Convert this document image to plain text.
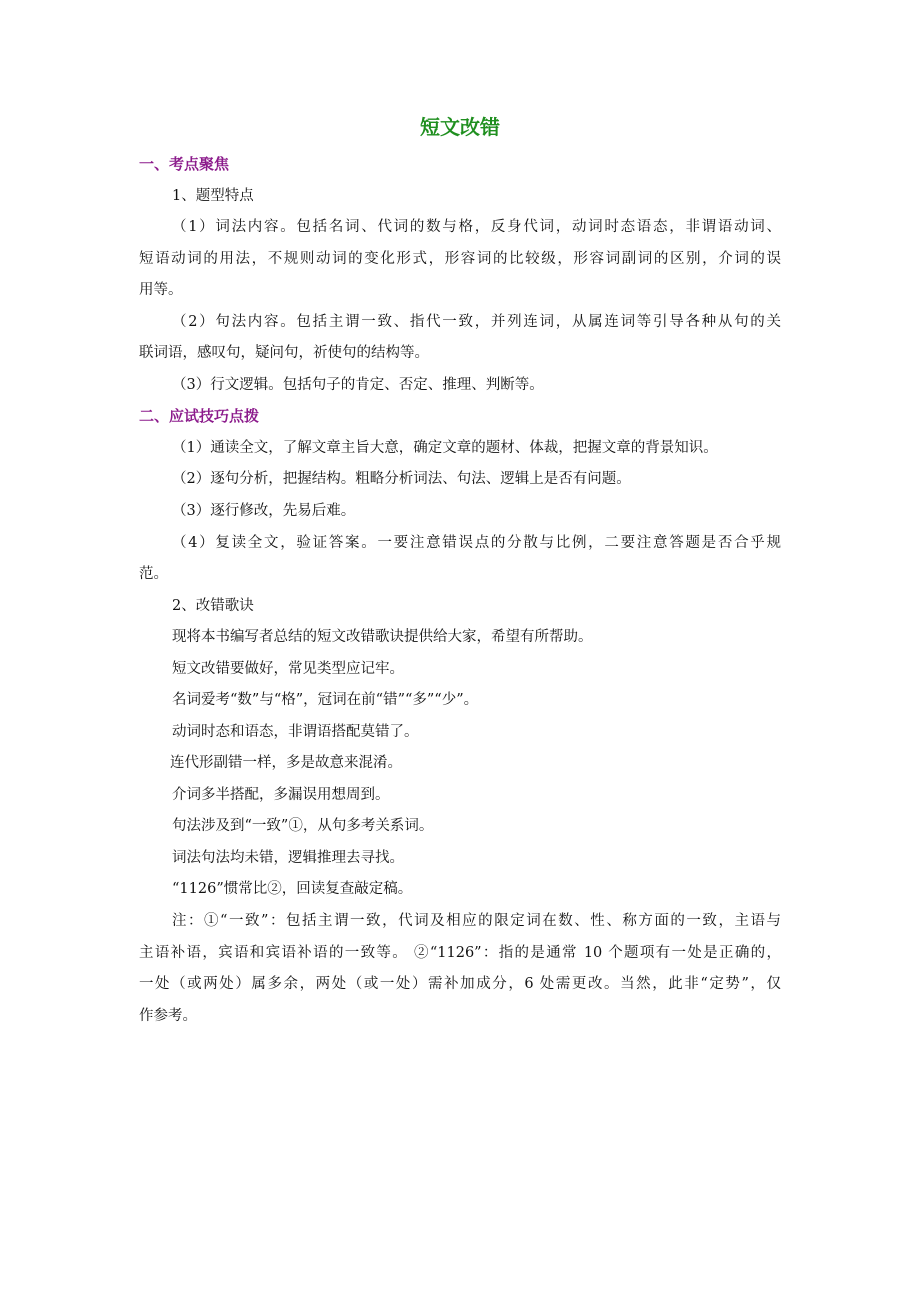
短文改错
一、考点聚焦
1、题型特点
（1）词法内容。包括名词、代词的数与格，反身代词，动词时态语态，非谓语动词、
短语动词的用法，不规则动词的变化形式，形容词的比较级，形容词副词的区别，介词的误
用等。
（2）句法内容。包括主谓一致、指代一致，并列连词，从属连词等引导各种从句的关
联词语，感叹句，疑问句，祈使句的结构等。
（3）行文逻辑。包括句子的肯定、否定、推理、判断等。
二、应试技巧点拨
（1）通读全文，了解文章主旨大意，确定文章的题材、体裁，把握文章的背景知识。
（2）逐句分析，把握结构。粗略分析词法、句法、逻辑上是否有问题。
（3）逐行修改，先易后难。
（4）复读全文，验证答案。一要注意错误点的分散与比例，二要注意答题是否合乎规
范。
2、改错歌诀
现将本书编写者总结的短文改错歌诀提供给大家，希望有所帮助。
短文改错要做好，常见类型应记牢。
名词爱考“数”与“格”，冠词在前“错”“多”“少”。
动词时态和语态，非谓语搭配莫错了。
连代形副错一样，多是故意来混淆。
介词多半搭配，多漏误用想周到。
句法涉及到“一致”①，从句多考关系词。
词法句法均未错，逻辑推理去寻找。
“1126”惯常比②，回读复查敲定稿。
注：①“一致”：包括主谓一致，代词及相应的限定词在数、性、称方面的一致，主语与
主语补语，宾语和宾语补语的一致等。 ②“1126”：指的是通常 10 个题项有一处是正确的，
一处（或两处）属多余，两处（或一处）需补加成分，6 处需更改。当然，此非“定势”，仅
作参考。
